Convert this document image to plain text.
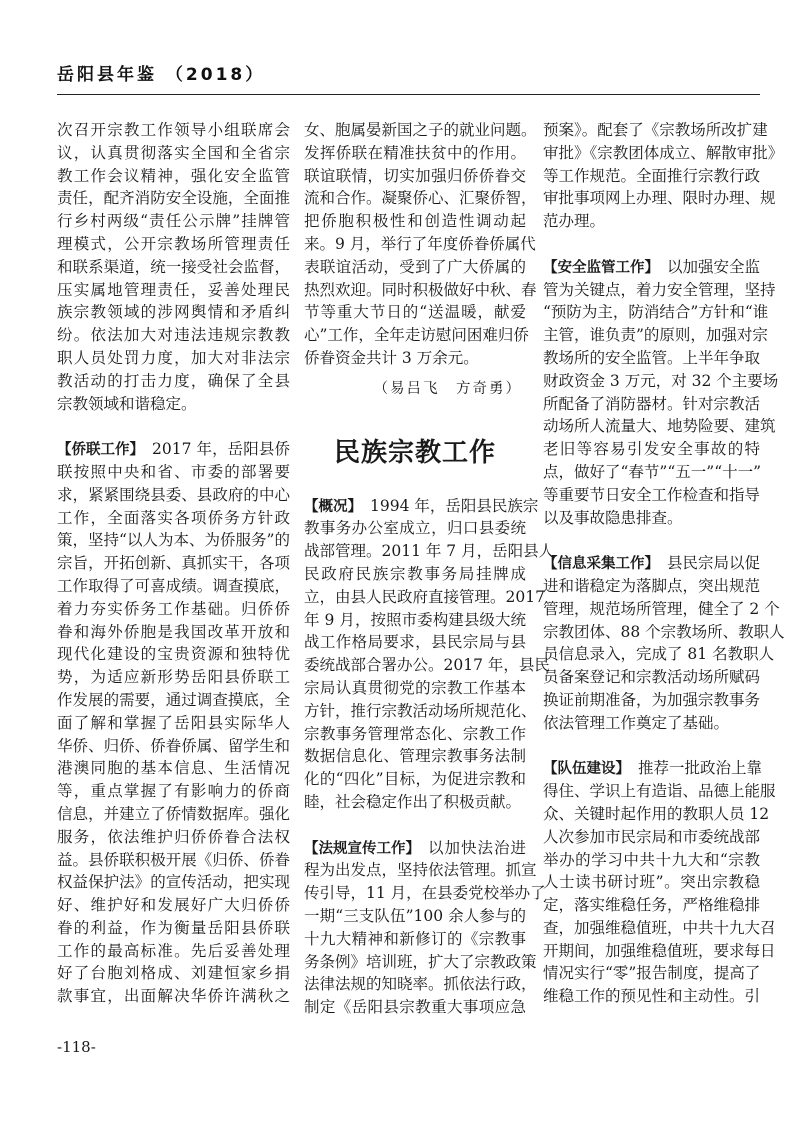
岳阳县年鉴 （2018）
次召开宗教工作领导小组联席会
议，认真贯彻落实全国和全省宗
教工作会议精神，强化安全监管
责任，配齐消防安全设施，全面推
行乡村两级“责任公示牌”挂牌管
理模式，公开宗教场所管理责任
和联系渠道，统一接受社会监督，
压实属地管理责任，妥善处理民
族宗教领域的涉网舆情和矛盾纠
纷。依法加大对违法违规宗教教
职人员处罚力度，加大对非法宗
教活动的打击力度，确保了全县
宗教领域和谐稳定。
【侨联工作】 2017 年，岳阳县侨
联按照中央和省、市委的部署要
求，紧紧围绕县委、县政府的中心
工作，全面落实各项侨务方针政
策，坚持“以人为本、为侨服务”的
宗旨，开拓创新、真抓实干，各项
工作取得了可喜成绩。调查摸底，
着力夯实侨务工作基础。归侨侨
眷和海外侨胞是我国改革开放和
现代化建设的宝贵资源和独特优
势，为适应新形势岳阳县侨联工
作发展的需要，通过调查摸底，全
面了解和掌握了岳阳县实际华人
华侨、归侨、侨眷侨属、留学生和
港澳同胞的基本信息、生活情况
等，重点掌握了有影响力的侨商
信息，并建立了侨情数据库。强化
服务，依法维护归侨侨眷合法权
益。县侨联积极开展《归侨、侨眷
权益保护法》的宣传活动，把实现
好、维护好和发展好广大归侨侨
眷的利益，作为衡量岳阳县侨联
工作的最高标准。先后妥善处理
好了台胞刘格成、刘建恒家乡捐
款事宜，出面解决华侨许满秋之
女、胞属晏新国之子的就业问题。
发挥侨联在精准扶贫中的作用。
联谊联情，切实加强归侨侨眷交
流和合作。凝聚侨心、汇聚侨智，
把侨胞积极性和创造性调动起
来。9 月，举行了年度侨眷侨属代
表联谊活动，受到了广大侨属的
热烈欢迎。同时积极做好中秋、春
节等重大节日的“送温暖，献爱
心”工作，全年走访慰问困难归侨
侨眷资金共计 3 万余元。
（易吕飞　方奇勇）
民族宗教工作
【概况】 1994 年，岳阳县民族宗
教事务办公室成立，归口县委统
战部管理。2011 年 7 月，岳阳县人
民政府民族宗教事务局挂牌成
立，由县人民政府直接管理。2017
年 9 月，按照市委构建县级大统
战工作格局要求，县民宗局与县
委统战部合署办公。2017 年，县民
宗局认真贯彻党的宗教工作基本
方针，推行宗教活动场所规范化、
宗教事务管理常态化、宗教工作
数据信息化、管理宗教事务法制
化的“四化”目标，为促进宗教和
睦，社会稳定作出了积极贡献。
【法规宣传工作】 以加快法治进
程为出发点，坚持依法管理。抓宣
传引导，11 月，在县委党校举办了
一期“三支队伍”100 余人参与的
十九大精神和新修订的《宗教事
务条例》培训班，扩大了宗教政策
法律法规的知晓率。抓依法行政，
制定《岳阳县宗教重大事项应急
预案》。配套了《宗教场所改扩建
审批》《宗教团体成立、解散审批》
等工作规范。全面推行宗教行政
审批事项网上办理、限时办理、规
范办理。
【安全监管工作】 以加强安全监
管为关键点，着力安全管理，坚持
“预防为主，防消结合”方针和“谁
主管，谁负责”的原则，加强对宗
教场所的安全监管。上半年争取
财政资金 3 万元，对 32 个主要场
所配备了消防器材。针对宗教活
动场所人流量大、地势险要、建筑
老旧等容易引发安全事故的特
点，做好了“春节”“五一”“十一”
等重要节日安全工作检查和指导
以及事故隐患排查。
【信息采集工作】 县民宗局以促
进和谐稳定为落脚点，突出规范
管理，规范场所管理，健全了 2 个
宗教团体、88 个宗教场所、教职人
员信息录入，完成了 81 名教职人
员备案登记和宗教活动场所赋码
换证前期准备，为加强宗教事务
依法管理工作奠定了基础。
【队伍建设】 推荐一批政治上靠
得住、学识上有造诣、品德上能服
众、关键时起作用的教职人员 12
人次参加市民宗局和市委统战部
举办的学习中共十九大和“宗教
人士读书研讨班”。突出宗教稳
定，落实维稳任务，严格维稳排
查，加强维稳值班，中共十九大召
开期间，加强维稳值班，要求每日
情况实行“零”报告制度，提高了
维稳工作的预见性和主动性。引
-118-
